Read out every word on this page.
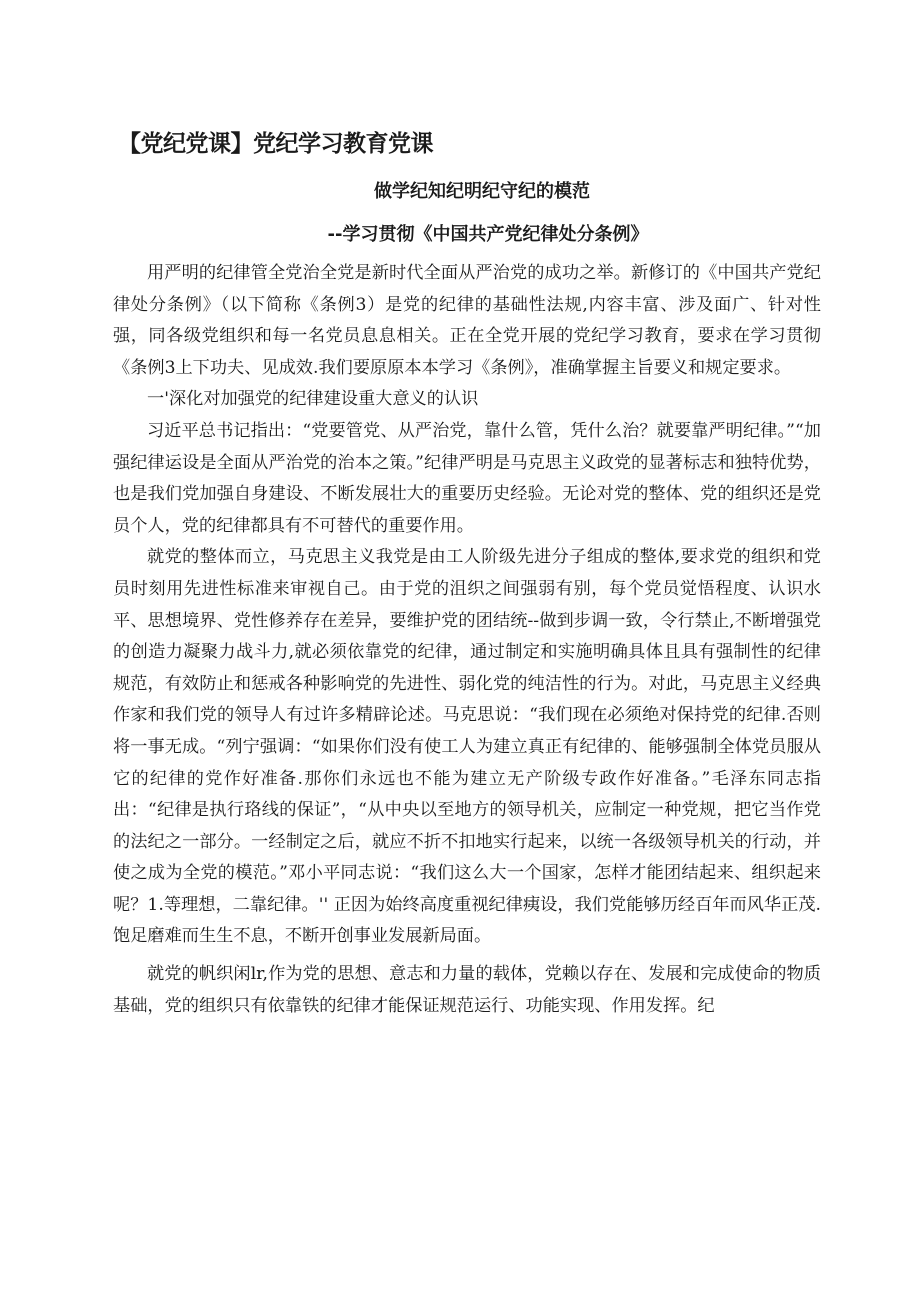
【党纪党课】党纪学习教育党课
做学纪知纪明纪守纪的模范
--学习贯彻《中国共产党纪律处分条例》

用严明的纪律管全党治全党是新时代全面从严治党的成功之举。新修订的《中国共产党纪律处分条例》（以下简称《条例3）是党的纪律的基础性法规,内容丰富、涉及面广、针对性强，同各级党组织和每一名党员息息相关。正在全党开展的党纪学习教育，要求在学习贯彻《条例3上下功夫、见成效.我们要原原本本学习《条例》，准确掌握主旨要义和规定要求。

一'深化对加强党的纪律建设重大意义的认识

习近平总书记指出：“党要管党、从严治党，靠什么管，凭什么治？就要靠严明纪律。”“加强纪律运设是全面从严治党的治本之策。”纪律严明是马克思主义政党的显著标志和独特优势，也是我们党加强自身建设、不断发展壮大的重要历史经验。无论对党的整体、党的组织还是党员个人，党的纪律都具有不可替代的重要作用。

就党的整体而立，马克思主义我党是由工人阶级先进分子组成的整体,要求党的组织和党员时刻用先进性标准来审视自己。由于党的沮织之间强弱有别，每个党员觉悟程度、认识水平、思想境界、党性修养存在差异，要维护党的团结统--做到步调一致，令行禁止,不断增强党的创造力凝聚力战斗力,就必须依靠党的纪律，通过制定和实施明确具体且具有强制性的纪律规范，有效防止和惩戒各种影响党的先进性、弱化党的纯洁性的行为。对此，马克思主义经典作家和我们党的领导人有过许多精辟论述。马克思说：“我们现在必须绝对保持党的纪律.否则将一事无成。“列宁强调：“如果你们没有使工人为建立真正有纪律的、能够强制全体党员服从它的纪律的党作好准备.那你们永远也不能为建立无产阶级专政作好准备。”毛泽东同志指出：“纪律是执行珞线的保证”，“从中央以至地方的领导机关，应制定一种党规，把它当作党的法纪之一部分。一经制定之后，就应不折不扣地实行起来，以统一各级领导机关的行动，并使之成为全党的模范。”邓小平同志说：“我们这么大一个国家，怎样才能团结起来、组织起来呢？1.等理想，二靠纪律。'' 正因为始终高度重视纪律痍设，我们党能够历经百年而风华正茂.饱足磨难而生生不息，不断开创事业发展新局面。

就党的帆织闲lr,作为党的思想、意志和力量的载体，党赖以存在、发展和完成使命的物质基础，党的组织只有依靠铁的纪律才能保证规范运行、功能实现、作用发挥。纪
